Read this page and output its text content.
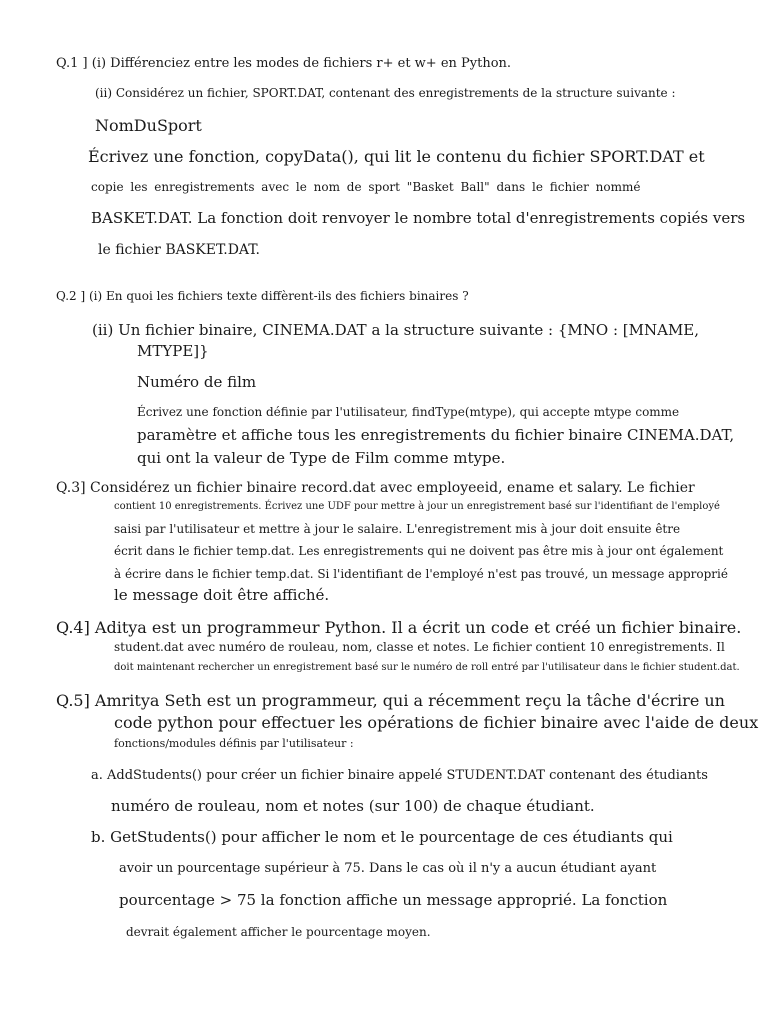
Q.1 ] (i) Différenciez entre les modes de fichiers r+ et w+ en Python.

(ii) Considérez un fichier, SPORT.DAT, contenant des enregistrements de la structure suivante :

NomDuSport

Écrivez une fonction, copyData(), qui lit le contenu du fichier SPORT.DAT et

copie les enregistrements avec le nom de sport "Basket Ball" dans le fichier nommé

BASKET.DAT. La fonction doit renvoyer le nombre total d'enregistrements copiés vers

le fichier BASKET.DAT.

Q.2 ] (i) En quoi les fichiers texte diffèrent-ils des fichiers binaires ?

(ii) Un fichier binaire, CINEMA.DAT a la structure suivante : {MNO : [MNAME,

MTYPE]}

Numéro de film

Écrivez une fonction définie par l'utilisateur, findType(mtype), qui accepte mtype comme

paramètre et affiche tous les enregistrements du fichier binaire CINEMA.DAT,

qui ont la valeur de Type de Film comme mtype.

Q.3] Considérez un fichier binaire record.dat avec employeeid, ename et salary. Le fichier

contient 10 enregistrements. Écrivez une UDF pour mettre à jour un enregistrement basé sur l'identifiant de l'employé

saisi par l'utilisateur et mettre à jour le salaire. L'enregistrement mis à jour doit ensuite être

écrit dans le fichier temp.dat. Les enregistrements qui ne doivent pas être mis à jour ont également

à écrire dans le fichier temp.dat. Si l'identifiant de l'employé n'est pas trouvé, un message approprié

le message doit être affiché.

Q.4] Aditya est un programmeur Python. Il a écrit un code et créé un fichier binaire.

student.dat avec numéro de rouleau, nom, classe et notes. Le fichier contient 10 enregistrements. Il

doit maintenant rechercher un enregistrement basé sur le numéro de roll entré par l'utilisateur dans le fichier student.dat.

Q.5] Amritya Seth est un programmeur, qui a récemment reçu la tâche d'écrire un

code python pour effectuer les opérations de fichier binaire avec l'aide de deux

fonctions/modules définis par l'utilisateur :

a. AddStudents() pour créer un fichier binaire appelé STUDENT.DAT contenant des étudiants

numéro de rouleau, nom et notes (sur 100) de chaque étudiant.

b. GetStudents() pour afficher le nom et le pourcentage de ces étudiants qui

avoir un pourcentage supérieur à 75. Dans le cas où il n'y a aucun étudiant ayant

pourcentage > 75 la fonction affiche un message approprié. La fonction

devrait également afficher le pourcentage moyen.
